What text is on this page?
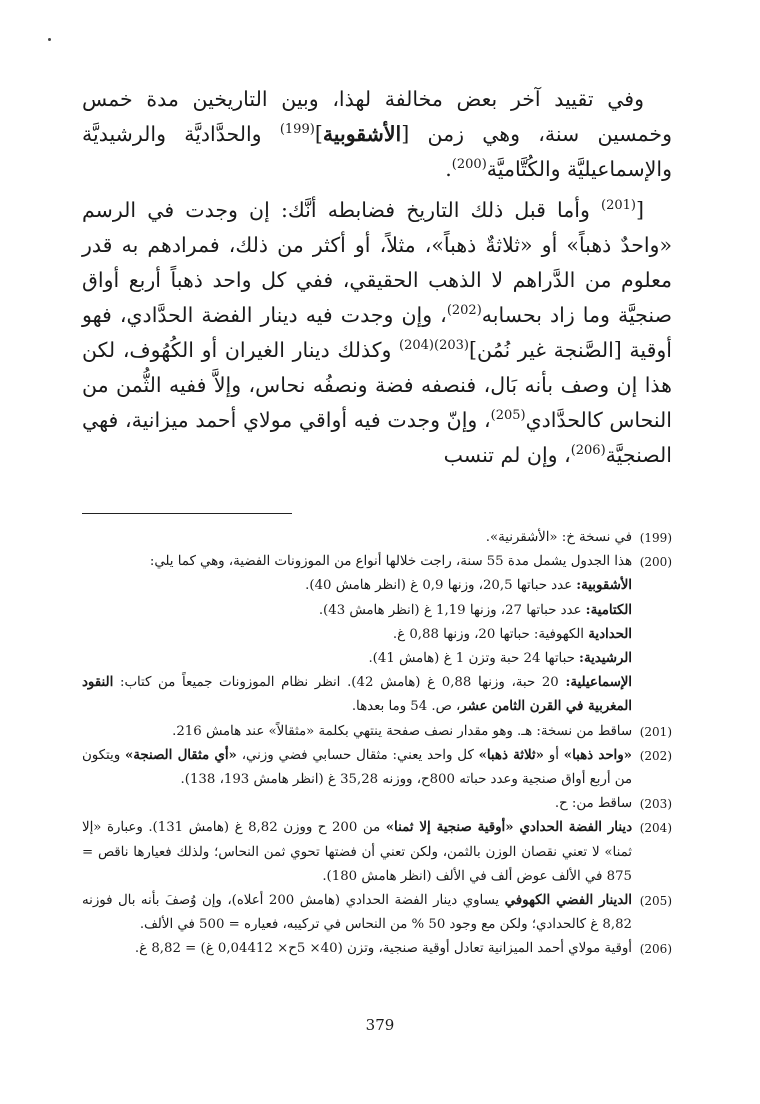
وفي تقييد آخر بعض مخالفة لهذا، وبين التاريخين مدة خمس وخمسين سنة، وهي زمن [الأشقوبية]$^{(199)}$ والحدَّاديَّة والرشيديَّة والإسماعيليَّة والكُتَّاميَّة$^{(200)}$.

[$^{(201)}$ وأما قبل ذلك التاريخ فضابطه أنَّك: إن وجدت في الرسم «واحدٌ ذهباً» أو «ثلاثةٌ ذهباً»، مثلاً، أو أكثر من ذلك، فمرادهم به قدر معلوم من الدَّراهم لا الذهب الحقيقي، ففي كل واحد ذهباً أربع أواق صنجيَّة وما زاد بحسابه$^{(202)}$، وإن وجدت فيه دينار الفضة الحدَّادي، فهو أوقية [الصَّنجة غير نُمُن]$^{(203)(204)}$ وكذلك دينار الغيران أو الكُهُوف، لكن هذا إن وصف بأنه بَال، فنصفه فضة ونصفُه نحاس، وإلاَّ ففيه الثُّمن من النحاس كالحدَّادي$^{(205)}$، وإنّ وجدت فيه أواقي مولاي أحمد ميزانية، فهي الصنجيَّة$^{(206)}$، وإن لم تنسب

(199)
في نسخة خ: «الأشقرنية».
(200)
هذا الجدول يشمل مدة 55 سنة، راجت خلالها أنواع من الموزونات الفضية، وهي كما يلي:
الأشقوبية: عدد حباتها 20,5، وزنها 0,9 غ (انظر هامش 40).
الكتامية: عدد حباتها 27، وزنها 1,19 غ (انظر هامش 43).
الحدادية الكهوفية: حباتها 20، وزنها 0,88 غ.
الرشيدية: حباتها 24 حبة وتزن 1 غ (هامش 41).
الإسماعيلية: 20 حبة، وزنها 0,88 غ (هامش 42). انظر نظام الموزونات جميعاً من كتاب: النقود المغربية في القرن الثامن عشر، ص. 54 وما بعدها.
(201)
ساقط من نسخة: هـ. وهو مقدار نصف صفحة ينتهي بكلمة «مثقالاً» عند هامش 216.
(202)
«واحد ذهبا» أو «ثلاثة ذهبا» كل واحد يعني: مثقال حسابي فضي وزني، «أي مثقال الصنجة» ويتكون من أربع أواق صنجية وعدد حباته 800ح، ووزنه 35,28 غ (انظر هامش 193، 138).
(203)
ساقط من: ح.
(204)
دينار الفضة الحدادي «أوقية صنجية إلا ثمنا» من 200 ح ووزن 8,82 غ (هامش 131). وعبارة «إلا ثمنا» لا تعني نقصان الوزن بالثمن، ولكن تعني أن فضتها تحوي ثمن النحاس؛ ولذلك فعيارها ناقص = 875 في الألف عوض ألف في الألف (انظر هامش 180).
(205)
الدينار الفضي الكهوفي يساوي دينار الفضة الحدادي (هامش 200 أعلاه)، وإن وُصفَ بأنه بال فوزنه 8,82 غ كالحدادي؛ ولكن مع وجود 50 % من النحاس في تركيبه، فعياره = 500 في الألف.
(206)
أوقية مولاي أحمد الميزانية تعادل أوقية صنجية، وتزن (40× 5ح× 0,04412 غ) = 8,82 غ.
379
